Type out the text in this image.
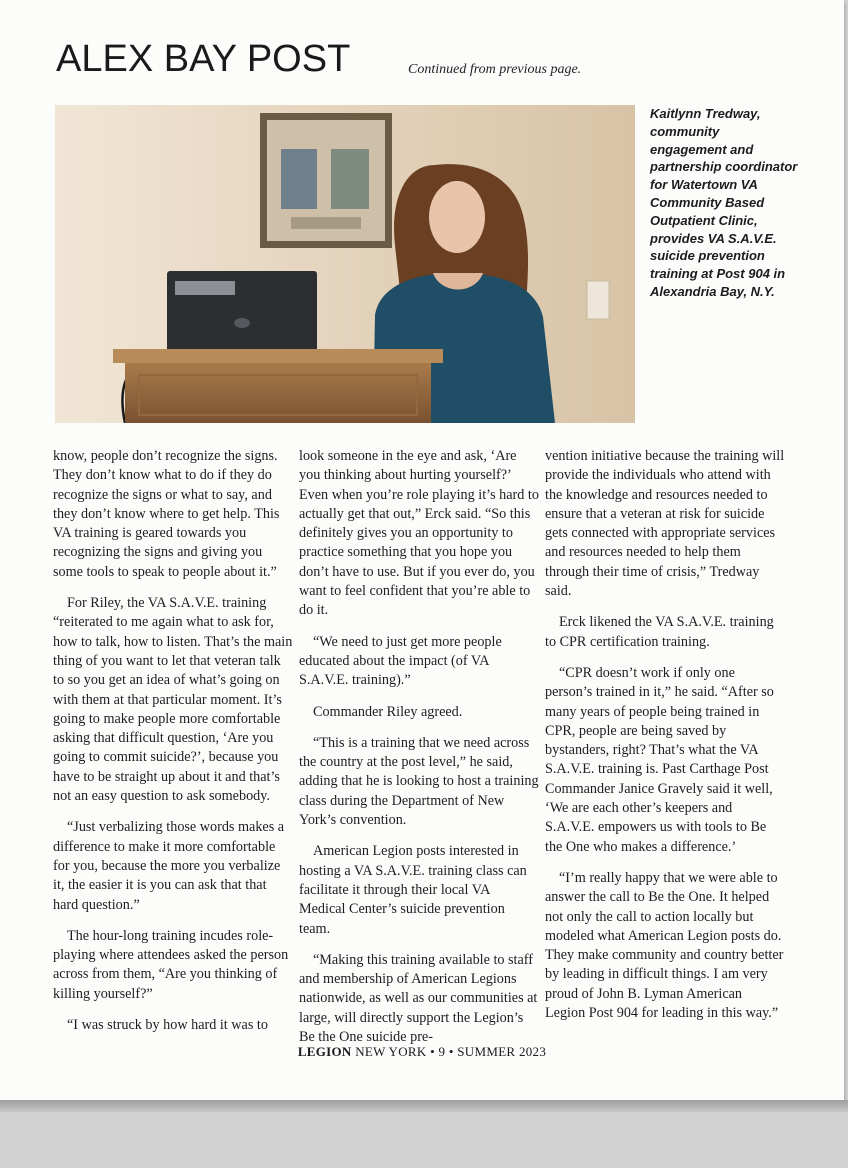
ALEX BAY POST	Continued from previous page.

Kaitlynn Tredway, community engagement and partnership coordinator for Watertown VA Community Based Outpatient Clinic, provides VA S.A.V.E. suicide prevention training at Post 904 in Alexandria Bay, N.Y.

know, people don’t recognize the signs. They don’t know what to do if they do recognize the signs or what to say, and they don’t know where to get help. This VA training is geared towards you recognizing the signs and giving you some tools to speak to people about it.”

For Riley, the VA S.A.V.E. training “reiterated to me again what to ask for, how to talk, how to listen. That’s the main thing of you want to let that veteran talk to so you get an idea of what’s going on with them at that particular moment. It’s going to make people more comfortable asking that difficult question, ‘Are you going to commit suicide?’, because you have to be straight up about it and that’s not an easy question to ask somebody.

“Just verbalizing those words makes a difference to make it more comfortable for you, because the more you verbalize it, the easier it is you can ask that that hard question.”

The hour-long training incudes role-playing where attendees asked the person across from them, “Are you thinking of killing yourself?”

“I was struck by how hard it was to

look someone in the eye and ask, ‘Are you thinking about hurting yourself?’ Even when you’re role playing it’s hard to actually get that out,” Erck said. “So this definitely gives you an opportunity to practice something that you hope you don’t have to use. But if you ever do, you want to feel confident that you’re able to do it.

“We need to just get more people educated about the impact (of VA S.A.V.E. training).”

Commander Riley agreed.

“This is a training that we need across the country at the post level,” he said, adding that he is looking to host a training class during the Department of New York’s convention.

American Legion posts interested in hosting a VA S.A.V.E. training class can facilitate it through their local VA Medical Center’s suicide prevention team.

“Making this training available to staff and membership of American Legions nationwide, as well as our communities at large, will directly support the Legion’s Be the One suicide pre-

vention initiative because the training will provide the individuals who attend with the knowledge and resources needed to ensure that a veteran at risk for suicide gets connected with appropriate services and resources needed to help them through their time of crisis,” Tredway said.

Erck likened the VA S.A.V.E. training to CPR certification training.

“CPR doesn’t work if only one person’s trained in it,” he said. “After so many years of people being trained in CPR, people are being saved by bystanders, right? That’s what the VA S.A.V.E. training is. Past Carthage Post Commander Janice Gravely said it well, ‘We are each other’s keepers and S.A.V.E. empowers us with tools to Be the One who makes a difference.’

“I’m really happy that we were able to answer the call to Be the One. It helped not only the call to action locally but modeled what American Legion posts do. They make community and country better by leading in difficult things. I am very proud of John B. Lyman American Legion Post 904 for leading in this way.”

LEGION NEW YORK • 9 • SUMMER 2023
